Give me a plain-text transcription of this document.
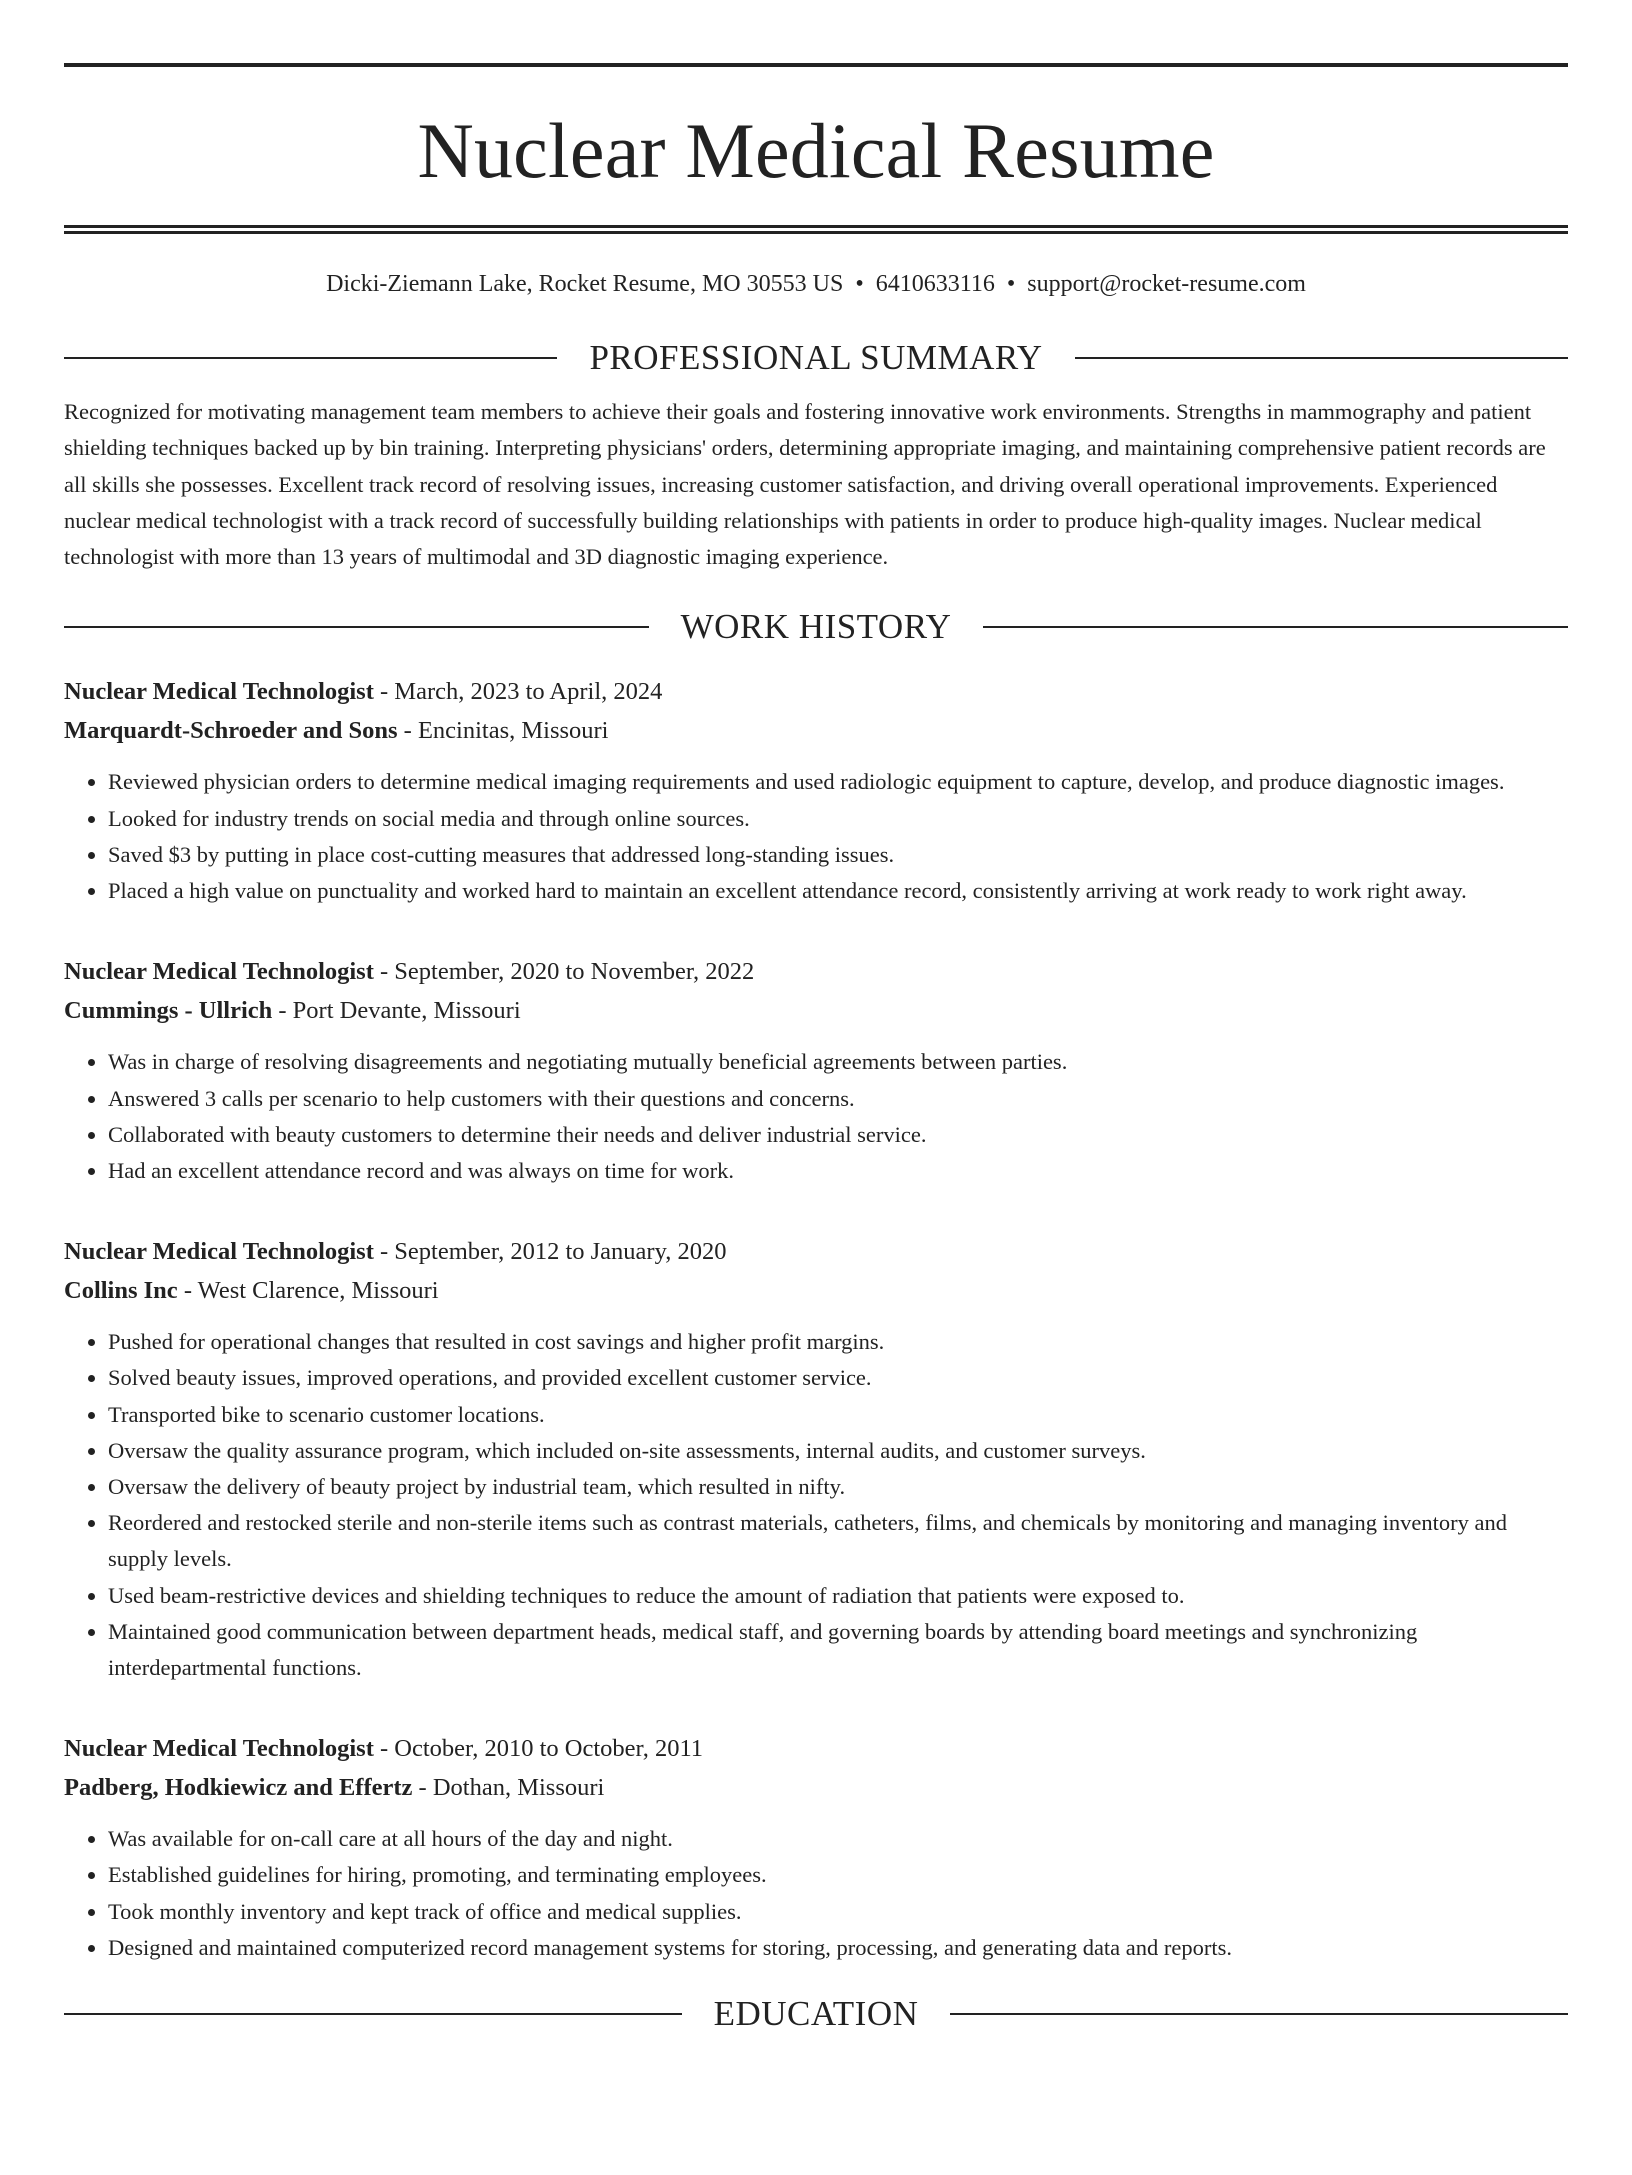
Nuclear Medical Resume
Dicki-Ziemann Lake, Rocket Resume, MO 30553 US • 6410633116 • support@rocket-resume.com
PROFESSIONAL SUMMARY
Recognized for motivating management team members to achieve their goals and fostering innovative work environments. Strengths in mammography and patient shielding techniques backed up by bin training. Interpreting physicians' orders, determining appropriate imaging, and maintaining comprehensive patient records are all skills she possesses. Excellent track record of resolving issues, increasing customer satisfaction, and driving overall operational improvements. Experienced nuclear medical technologist with a track record of successfully building relationships with patients in order to produce high-quality images. Nuclear medical technologist with more than 13 years of multimodal and 3D diagnostic imaging experience.
WORK HISTORY
Nuclear Medical Technologist - March, 2023 to April, 2024
Marquardt-Schroeder and Sons - Encinitas, Missouri
• Reviewed physician orders to determine medical imaging requirements and used radiologic equipment to capture, develop, and produce diagnostic images.
• Looked for industry trends on social media and through online sources.
• Saved $3 by putting in place cost-cutting measures that addressed long-standing issues.
• Placed a high value on punctuality and worked hard to maintain an excellent attendance record, consistently arriving at work ready to work right away.
Nuclear Medical Technologist - September, 2020 to November, 2022
Cummings - Ullrich - Port Devante, Missouri
• Was in charge of resolving disagreements and negotiating mutually beneficial agreements between parties.
• Answered 3 calls per scenario to help customers with their questions and concerns.
• Collaborated with beauty customers to determine their needs and deliver industrial service.
• Had an excellent attendance record and was always on time for work.
Nuclear Medical Technologist - September, 2012 to January, 2020
Collins Inc - West Clarence, Missouri
• Pushed for operational changes that resulted in cost savings and higher profit margins.
• Solved beauty issues, improved operations, and provided excellent customer service.
• Transported bike to scenario customer locations.
• Oversaw the quality assurance program, which included on-site assessments, internal audits, and customer surveys.
• Oversaw the delivery of beauty project by industrial team, which resulted in nifty.
• Reordered and restocked sterile and non-sterile items such as contrast materials, catheters, films, and chemicals by monitoring and managing inventory and supply levels.
• Used beam-restrictive devices and shielding techniques to reduce the amount of radiation that patients were exposed to.
• Maintained good communication between department heads, medical staff, and governing boards by attending board meetings and synchronizing interdepartmental functions.
Nuclear Medical Technologist - October, 2010 to October, 2011
Padberg, Hodkiewicz and Effertz - Dothan, Missouri
• Was available for on-call care at all hours of the day and night.
• Established guidelines for hiring, promoting, and terminating employees.
• Took monthly inventory and kept track of office and medical supplies.
• Designed and maintained computerized record management systems for storing, processing, and generating data and reports.
EDUCATION
